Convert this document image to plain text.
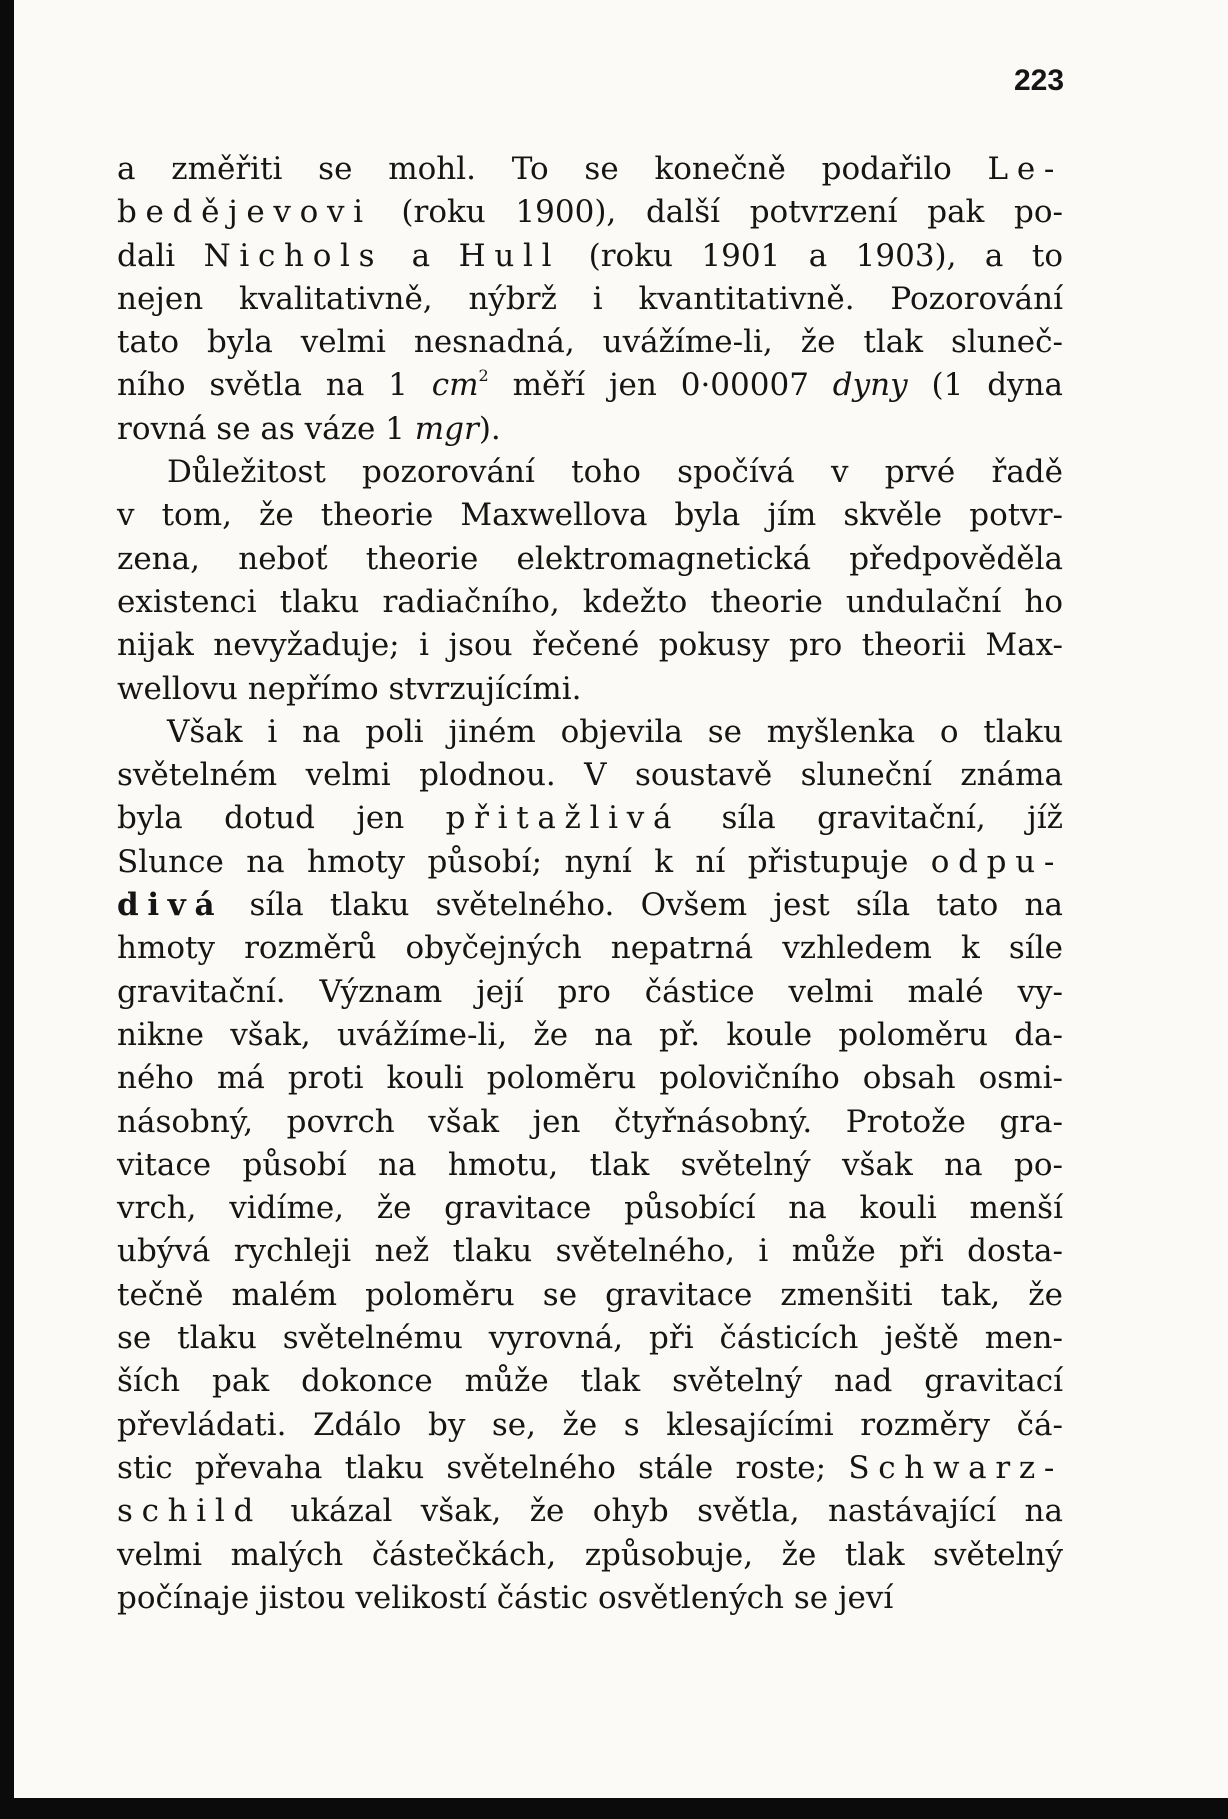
223

a změřiti se mohl. To se konečně podařilo Le-

bedějevovi (roku 1900), další potvrzení pak po-

dali Nichols a Hull (roku 1901 a 1903), a to

nejen kvalitativně, nýbrž i kvantitativně. Pozorování

tato byla velmi nesnadná, uvážíme-li, že tlak sluneč-

ního světla na 1 $cm^2$ měří jen 0·00007 dyny (1 dyna

rovná se as váze 1 mgr).

Důležitost pozorování toho spočívá v prvé řadě

v tom, že theorie Maxwellova byla jím skvěle potvr-

zena, neboť theorie elektromagnetická předpověděla

existenci tlaku radiačního, kdežto theorie undulační ho

nijak nevyžaduje; i jsou řečené pokusy pro theorii Max-

wellovu nepřímo stvrzujícími.

Však i na poli jiném objevila se myšlenka o tlaku

světelném velmi plodnou. V soustavě sluneční známa

byla dotud jen přitažlivá síla gravitační, jíž

Slunce na hmoty působí; nyní k ní přistupuje odpu-

divá síla tlaku světelného. Ovšem jest síla tato na

hmoty rozměrů obyčejných nepatrná vzhledem k síle

gravitační. Význam její pro částice velmi malé vy-

nikne však, uvážíme-li, že na př. koule poloměru da-

ného má proti kouli poloměru polovičního obsah osmi-

násobný, povrch však jen čtyřnásobný. Protože gra-

vitace působí na hmotu, tlak světelný však na po-

vrch, vidíme, že gravitace působící na kouli menší

ubývá rychleji než tlaku světelného, i může při dosta-

tečně malém poloměru se gravitace zmenšiti tak, že

se tlaku světelnému vyrovná, při částicích ještě men-

ších pak dokonce může tlak světelný nad gravitací

převládati. Zdálo by se, že s klesajícími rozměry čá-

stic převaha tlaku světelného stále roste; Schwarz-

schild ukázal však, že ohyb světla, nastávající na

velmi malých částečkách, způsobuje, že tlak světelný

počínaje jistou velikostí částic osvětlených se jeví
